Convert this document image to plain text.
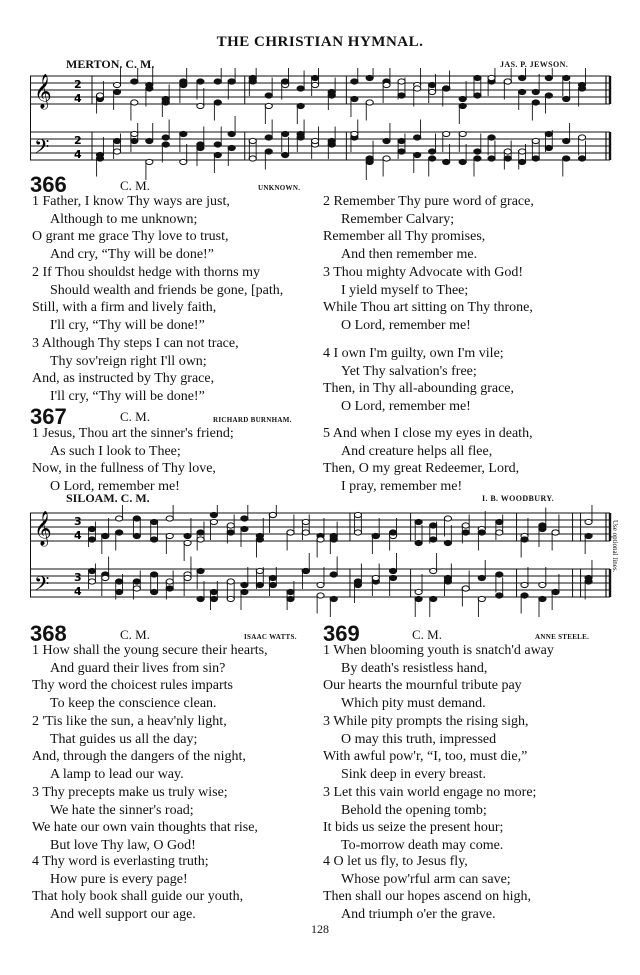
THE CHRISTIAN HYMNAL.
MERTON. C. M.	JAS. P. JEWSON.
𝄞 2
4
𝄢 2
4
SILOAM. C. M.	I. B. WOODBURY.
𝄞 3
4
𝄢 3
4
Use optional lines.
366	C. M.	UNKNOWN.
1 Father, I know Thy ways are just,
Although to me unknown;
O grant me grace Thy love to trust,
And cry, “Thy will be done!”
2 If Thou shouldst hedge with thorns my
Should wealth and friends be gone, [path,
Still, with a firm and lively faith,
I'll cry, “Thy will be done!”
3 Although Thy steps I can not trace,
Thy sov'reign right I'll own;
And, as instructed by Thy grace,
I'll cry, “Thy will be done!”
367	C. M.	RICHARD BURNHAM.
1 Jesus, Thou art the sinner's friend;
As such I look to Thee;
Now, in the fullness of Thy love,
O Lord, remember me!
2 Remember Thy pure word of grace,
Remember Calvary;
Remember all Thy promises,
And then remember me.
3 Thou mighty Advocate with God!
I yield myself to Thee;
While Thou art sitting on Thy throne,
O Lord, remember me!
4 I own I'm guilty, own I'm vile;
Yet Thy salvation's free;
Then, in Thy all-abounding grace,
O Lord, remember me!
5 And when I close my eyes in death,
And creature helps all flee,
Then, O my great Redeemer, Lord,
I pray, remember me!
368	C. M.	ISAAC WATTS.
1 How shall the young secure their hearts,
And guard their lives from sin?
Thy word the choicest rules imparts
To keep the conscience clean.
2 'Tis like the sun, a heav'nly light,
That guides us all the day;
And, through the dangers of the night,
A lamp to lead our way.
3 Thy precepts make us truly wise;
We hate the sinner's road;
We hate our own vain thoughts that rise,
But love Thy law, O God!
4 Thy word is everlasting truth;
How pure is every page!
That holy book shall guide our youth,
And well support our age.
369	C. M.	ANNE STEELE.
1 When blooming youth is snatch'd away
By death's resistless hand,
Our hearts the mournful tribute pay
Which pity must demand.
3 While pity prompts the rising sigh,
O may this truth, impressed
With awful pow'r, “I, too, must die,”
Sink deep in every breast.
3 Let this vain world engage no more;
Behold the opening tomb;
It bids us seize the present hour;
To-morrow death may come.
4 O let us fly, to Jesus fly,
Whose pow'rful arm can save;
Then shall our hopes ascend on high,
And triumph o'er the grave.
128
